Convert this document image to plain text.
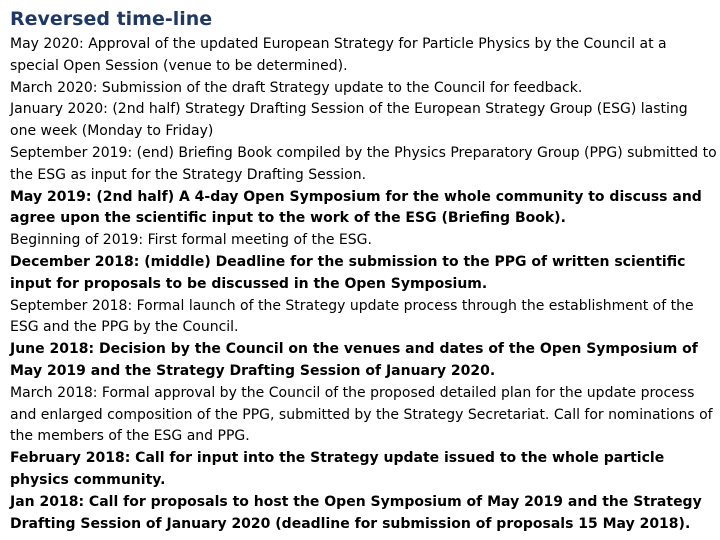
Reversed time-line
May 2020: Approval of the updated European Strategy for Particle Physics by the Council at a special Open Session (venue to be determined).
March 2020: Submission of the draft Strategy update to the Council for feedback.
January 2020: (2nd half) Strategy Drafting Session of the European Strategy Group (ESG) lasting one week (Monday to Friday)
September 2019: (end) Briefing Book compiled by the Physics Preparatory Group (PPG) submitted to the ESG as input for the Strategy Drafting Session.
May 2019: (2nd half) A 4-day Open Symposium for the whole community to discuss and agree upon the scientific input to the work of the ESG (Briefing Book).
Beginning of 2019: First formal meeting of the ESG.
December 2018: (middle) Deadline for the submission to the PPG of written scientific input for proposals to be discussed in the Open Symposium.
September 2018: Formal launch of the Strategy update process through the establishment of the ESG and the PPG by the Council.
June 2018: Decision by the Council on the venues and dates of the Open Symposium of May 2019 and the Strategy Drafting Session of January 2020.
March 2018: Formal approval by the Council of the proposed detailed plan for the update process and enlarged composition of the PPG, submitted by the Strategy Secretariat. Call for nominations of the members of the ESG and PPG.
February 2018: Call for input into the Strategy update issued to the whole particle physics community.
Jan 2018: Call for proposals to host the Open Symposium of May 2019 and the Strategy Drafting Session of January 2020 (deadline for submission of proposals 15 May 2018).
